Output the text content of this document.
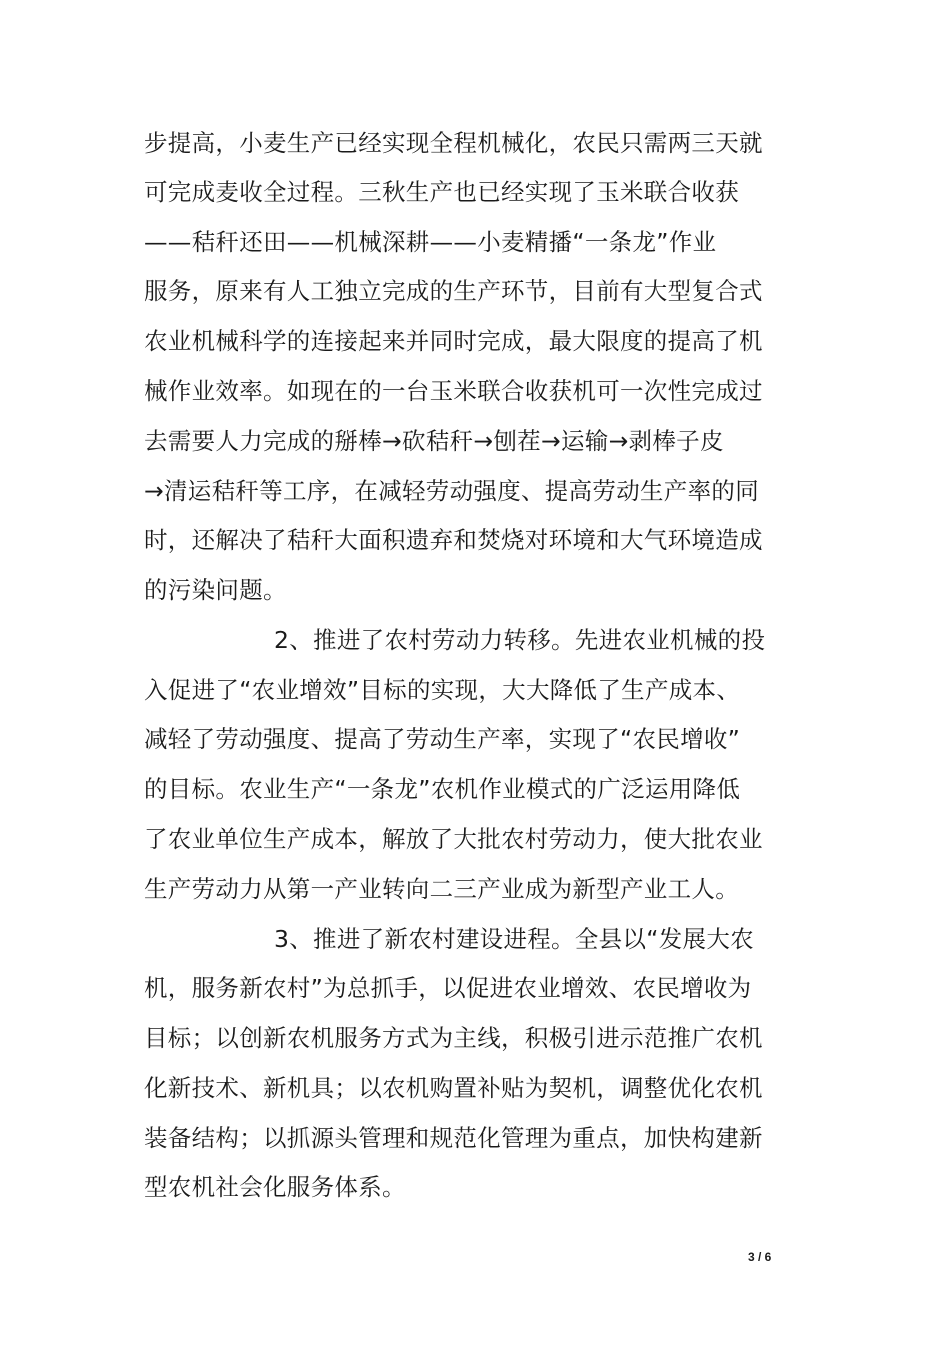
步提高，小麦生产已经实现全程机械化，农民只需两三天就
可完成麦收全过程。三秋生产也已经实现了玉米联合收获
——秸秆还田——机械深耕——小麦精播“一条龙”作业
服务，原来有人工独立完成的生产环节，目前有大型复合式
农业机械科学的连接起来并同时完成，最大限度的提高了机
械作业效率。如现在的一台玉米联合收获机可一次性完成过
去需要人力完成的掰棒→砍秸秆→刨茬→运输→剥棒子皮
→清运秸秆等工序，在减轻劳动强度、提高劳动生产率的同
时，还解决了秸秆大面积遗弃和焚烧对环境和大气环境造成
的污染问题。
2、推进了农村劳动力转移。先进农业机械的投
入促进了“农业增效”目标的实现，大大降低了生产成本、
减轻了劳动强度、提高了劳动生产率，实现了“农民增收”
的目标。农业生产“一条龙”农机作业模式的广泛运用降低
了农业单位生产成本，解放了大批农村劳动力，使大批农业
生产劳动力从第一产业转向二三产业成为新型产业工人。
3、推进了新农村建设进程。全县以“发展大农
机，服务新农村”为总抓手，以促进农业增效、农民增收为
目标；以创新农机服务方式为主线，积极引进示范推广农机
化新技术、新机具；以农机购置补贴为契机，调整优化农机
装备结构；以抓源头管理和规范化管理为重点，加快构建新
型农机社会化服务体系。
3 / 6
